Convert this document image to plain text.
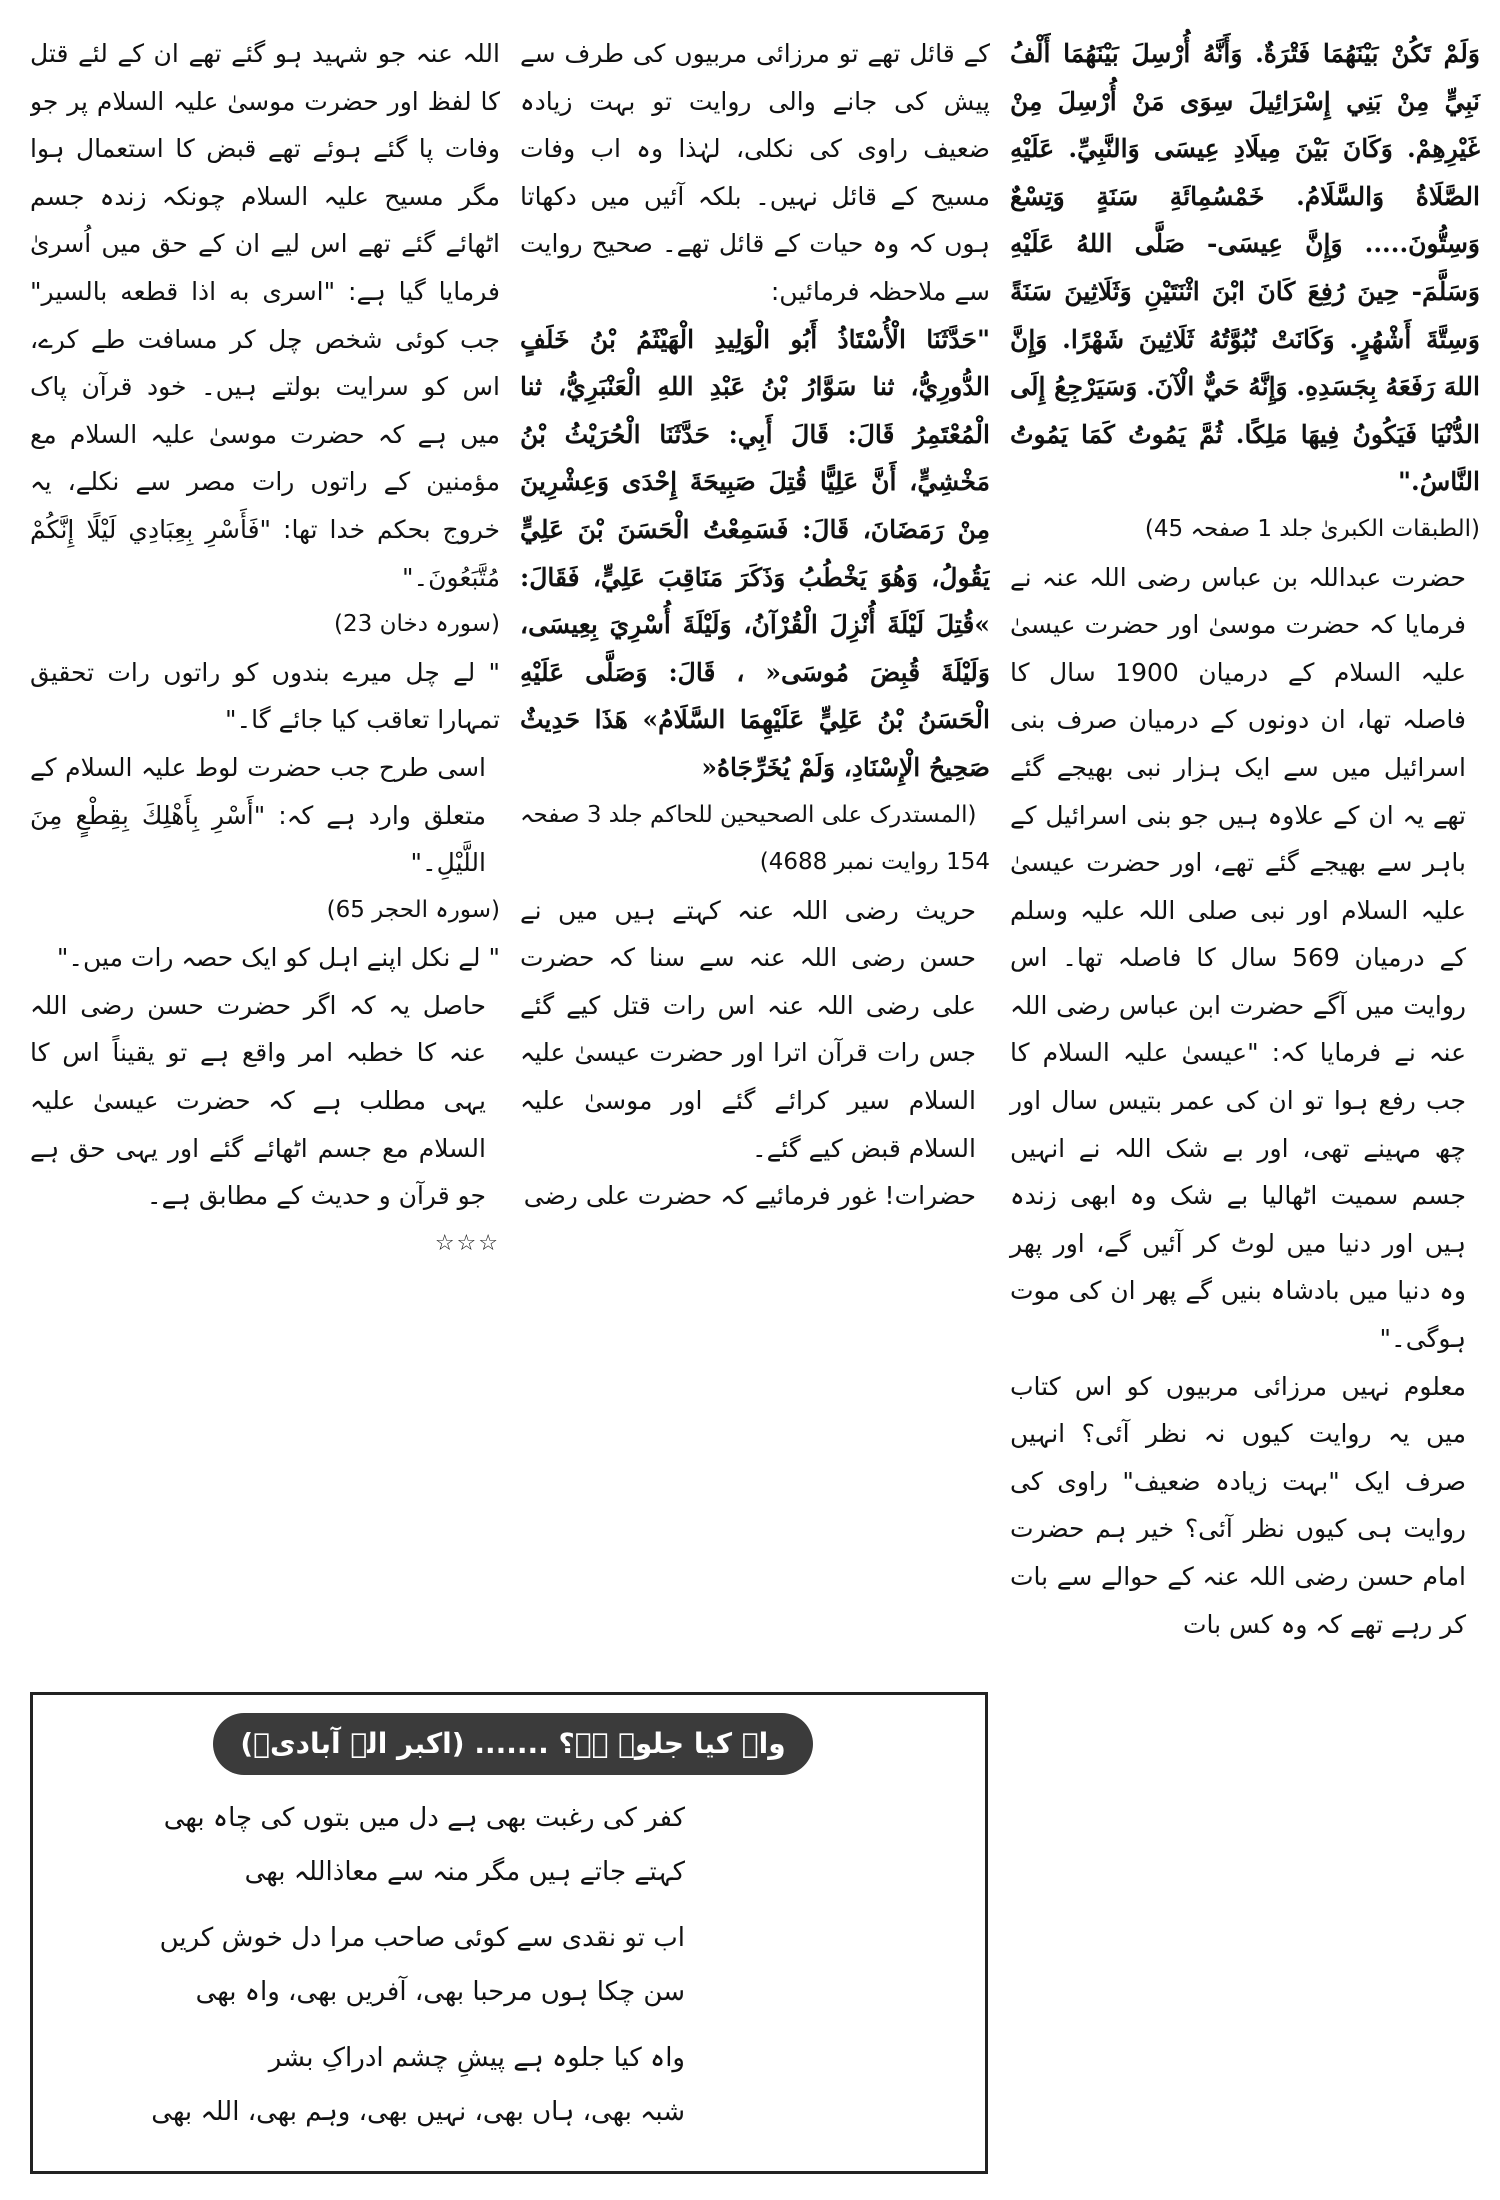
وَلَمْ تَكُنْ بَيْنَهُمَا فَتْرَةٌ. وَأَنَّهُ أُرْسِلَ بَيْنَهُمَا أَلْفُ نَبِيٍّ مِنْ بَنِي إِسْرَائِيلَ سِوَى مَنْ أُرْسِلَ مِنْ غَيْرِهِمْ. وَكَانَ بَيْنَ مِيلَادِ عِيسَى وَالنَّبِيِّ. عَلَيْهِ الصَّلَاةُ وَالسَّلَامُ. خَمْسُمِائَةِ سَنَةٍ وَتِسْعٌ وَسِتُّونَ..... وَإِنَّ عِيسَى- صَلَّى اللهُ عَلَيْهِ وَسَلَّمَ- حِينَ رُفِعَ كَانَ ابْنَ اثْنَتَيْنِ وَثَلَاثِينَ سَنَةً وَسِتَّةَ أَشْهُرٍ. وَكَانَتْ نُبُوَّتُهُ ثَلَاثِينَ شَهْرًا. وَإِنَّ اللهَ رَفَعَهُ بِجَسَدِهِ. وَإِنَّهُ حَيٌّ الْآنَ. وَسَيَرْجِعُ إِلَى الدُّنْيَا فَيَكُونُ فِيهَا مَلِكًا. ثُمَّ يَمُوتُ كَمَا يَمُوتُ النَّاسُ."

(الطبقات الکبریٰ جلد 1 صفحہ 45)

حضرت عبداللہ بن عباس رضی اللہ عنہ نے فرمایا کہ حضرت موسیٰ اور حضرت عیسیٰ علیہ السلام کے درمیان 1900 سال کا فاصلہ تھا، ان دونوں کے درمیان صرف بنی اسرائیل میں سے ایک ہزار نبی بھیجے گئے تھے یہ ان کے علاوہ ہیں جو بنی اسرائیل کے باہر سے بھیجے گئے تھے، اور حضرت عیسیٰ علیہ السلام اور نبی صلی اللہ علیہ وسلم کے درمیان 569 سال کا فاصلہ تھا۔ اس روایت میں آگے حضرت ابن عباس رضی اللہ عنہ نے فرمایا کہ: "عیسیٰ علیہ السلام کا جب رفع ہوا تو ان کی عمر بتیس سال اور چھ مہینے تھی، اور بے شک اللہ نے انہیں جسم سمیت اٹھالیا بے شک وہ ابھی زندہ ہیں اور دنیا میں لوٹ کر آئیں گے، اور پھر وہ دنیا میں بادشاہ بنیں گے پھر ان کی موت ہوگی۔"

معلوم نہیں مرزائی مربیوں کو اس کتاب میں یہ روایت کیوں نہ نظر آئی؟ انہیں صرف ایک "بہت زیادہ ضعیف" راوی کی روایت ہی کیوں نظر آئی؟ خیر ہم حضرت امام حسن رضی اللہ عنہ کے حوالے سے بات کر رہے تھے کہ وہ کس بات

کے قائل تھے تو مرزائی مربیوں کی طرف سے پیش کی جانے والی روایت تو بہت زیادہ ضعیف راوی کی نکلی، لہٰذا وہ اب وفات مسیح کے قائل نہیں۔ بلکہ آئیں میں دکھاتا ہوں کہ وہ حیات کے قائل تھے۔ صحیح روایت سے ملاحظہ فرمائیں:

"حَدَّثَنَا الْأُسْتَاذُ أَبُو الْوَلِيدِ الْهَيْثَمُ بْنُ خَلَفٍ الدُّورِيُّ، ثنا سَوَّارُ بْنُ عَبْدِ اللهِ الْعَنْبَرِيُّ، ثنا الْمُعْتَمِرُ قَالَ: قَالَ أَبِي: حَدَّثَنَا الْحُرَيْثُ بْنُ مَخْشِيٍّ، أَنَّ عَلِيًّا قُتِلَ صَبِيحَةَ إِحْدَى وَعِشْرِينَ مِنْ رَمَضَانَ، قَالَ: فَسَمِعْتُ الْحَسَنَ بْنَ عَلِيٍّ يَقُولُ، وَهُوَ يَخْطُبُ وَذَكَرَ مَنَاقِبَ عَلِيٍّ، فَقَالَ: »قُتِلَ لَيْلَةَ أُنْزِلَ الْقُرْآنُ، وَلَيْلَةَ أُسْرِيَ بِعِيسَى، وَلَيْلَةَ قُبِضَ مُوسَى« ، قَالَ: وَصَلَّى عَلَيْهِ الْحَسَنُ بْنُ عَلِيٍّ عَلَيْهِمَا السَّلَامُ» هَذَا حَدِيثٌ صَحِيحُ الْإِسْنَادِ، وَلَمْ يُخَرِّجَاهُ«

(المستدرک علی الصحیحین للحاکم جلد 3 صفحہ 154 روایت نمبر 4688)

حریث رضی اللہ عنہ کہتے ہیں میں نے حسن رضی اللہ عنہ سے سنا کہ حضرت علی رضی اللہ عنہ اس رات قتل کیے گئے جس رات قرآن اترا اور حضرت عیسیٰ علیہ السلام سیر کرائے گئے اور موسیٰ علیہ السلام قبض کیے گئے۔

حضرات! غور فرمائیے کہ حضرت علی رضی

اللہ عنہ جو شہید ہو گئے تھے ان کے لئے قتل کا لفظ اور حضرت موسیٰ علیہ السلام پر جو وفات پا گئے ہوئے تھے قبض کا استعمال ہوا مگر مسیح علیہ السلام چونکہ زندہ جسم اٹھائے گئے تھے اس لیے ان کے حق میں اُسریٰ فرمایا گیا ہے: "اسری به اذا قطعه بالسیر" جب کوئی شخص چل کر مسافت طے کرے، اس کو سرایت بولتے ہیں۔ خود قرآن پاک میں ہے کہ حضرت موسیٰ علیہ السلام مع مؤمنین کے راتوں رات مصر سے نکلے، یہ خروج بحکم خدا تھا: "فَأَسْرِ بِعِبَادِي لَيْلًا إِنَّكُمْ مُتَّبَعُونَ۔"

(سورہ دخان 23)

" لے چل میرے بندوں کو راتوں رات تحقیق تمہارا تعاقب کیا جائے گا۔"

اسی طرح جب حضرت لوط علیہ السلام کے متعلق وارد ہے کہ: "أَسْرِ بِأَهْلِكَ بِقِطْعٍ مِنَ اللَّيْلِ۔"

(سورہ الحجر 65)

" لے نکل اپنے اہل کو ایک حصہ رات میں۔"

حاصل یہ کہ اگر حضرت حسن رضی اللہ عنہ کا خطبہ امر واقع ہے تو یقیناً اس کا یہی مطلب ہے کہ حضرت عیسیٰ علیہ السلام مع جسم اٹھائے گئے اور یہی حق ہے جو قرآن و حدیث کے مطابق ہے۔

☆☆☆

واہ کیا جلوہ ہے؟ ....... (اکبر الہ آبادیؒ)
کفر کی رغبت بھی ہے دل میں بتوں کی چاہ بھی
کہتے جاتے ہیں مگر منہ سے معاذاللہ بھی
اب تو نقدی سے کوئی صاحب مرا دل خوش کریں
سن چکا ہوں مرحبا بھی، آفریں بھی، واہ بھی
واہ کیا جلوہ ہے پیشِ چشم ادراکِ بشر
شبہ بھی، ہاں بھی، نہیں بھی، وہم بھی، اللہ بھی
